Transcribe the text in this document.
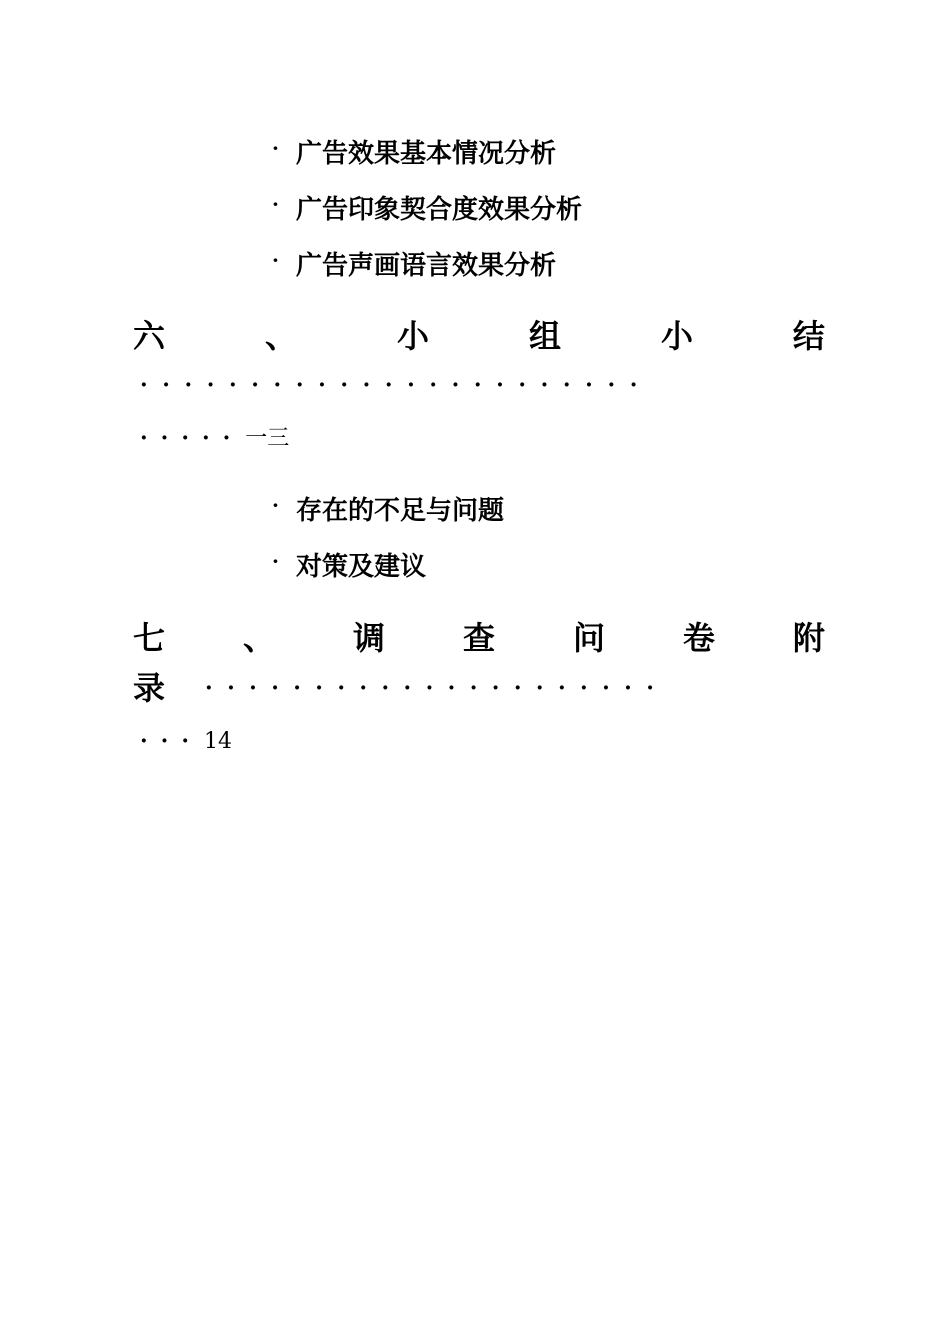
· 广告效果基本情况分析
· 广告印象契合度效果分析
· 广告声画语言效果分析
六	、	小	组	小	结
·······················
····· 一三
· 存在的不足与问题
· 对策及建议
七 、 调 查 问 卷 附
录 ·····················
··· 14
